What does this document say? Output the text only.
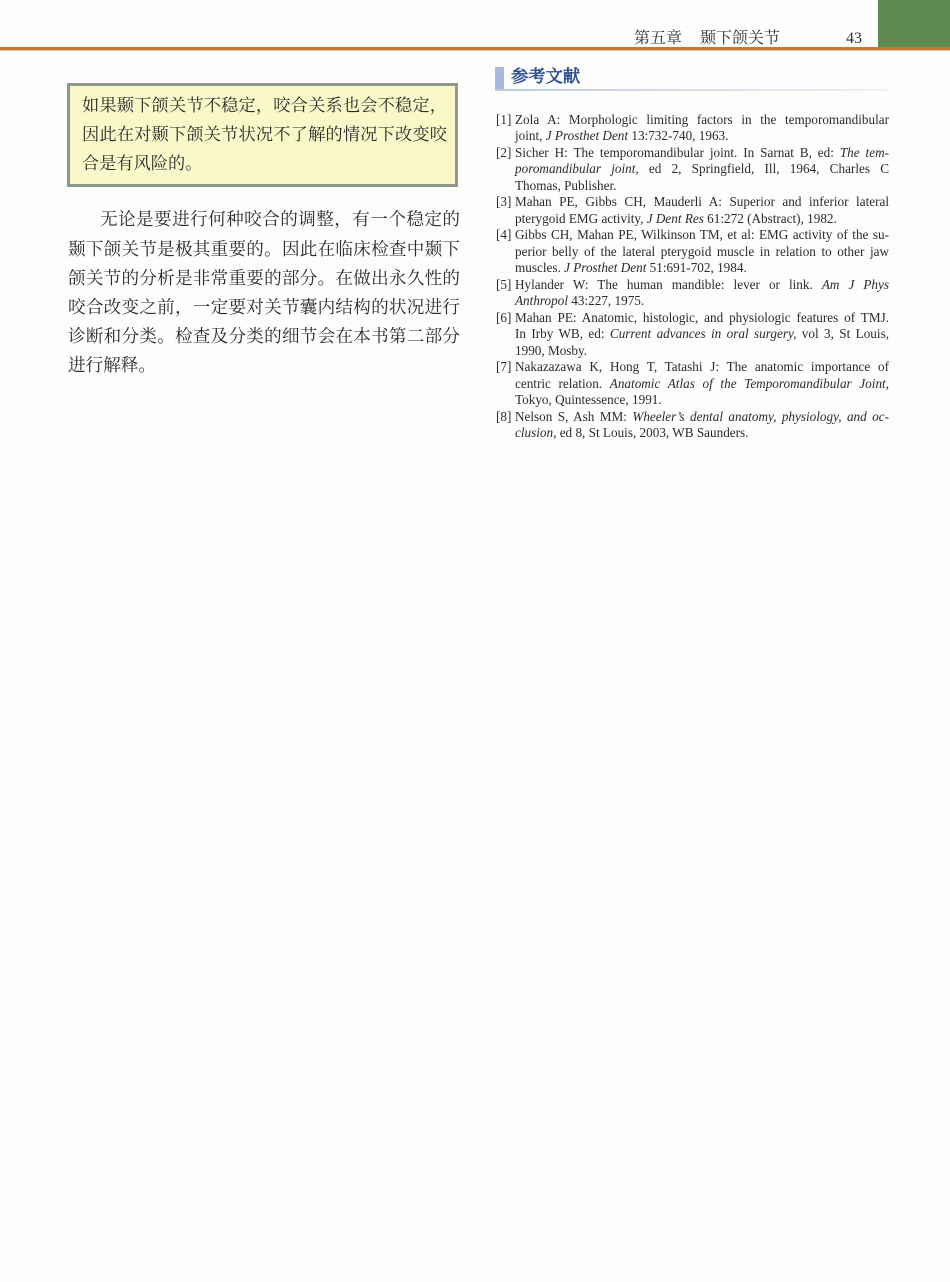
第五章 颞下颌关节	43
如果颞下颌关节不稳定，咬合关系也会不稳定，
因此在对颞下颌关节状况不了解的情况下改变咬
合是有风险的。
无论是要进行何种咬合的调整，有一个稳定的
颞下颌关节是极其重要的。因此在临床检查中颞下
颌关节的分析是非常重要的部分。在做出永久性的
咬合改变之前，一定要对关节囊内结构的状况进行
诊断和分类。检查及分类的细节会在本书第二部分
进行解释。
参考文献
[1] Zola A: Morphologic limiting factors in the temporomandibular
joint, J Prosthet Dent 13:732-740, 1963.
[2] Sicher H: The temporomandibular joint. In Sarnat B, ed: The tem-
poromandibular joint, ed 2, Springfield, Ill, 1964, Charles C
Thomas, Publisher.
[3] Mahan PE, Gibbs CH, Mauderli A: Superior and inferior lateral
pterygoid EMG activity, J Dent Res 61:272 (Abstract), 1982.
[4] Gibbs CH, Mahan PE, Wilkinson TM, et al: EMG activity of the su-
perior belly of the lateral pterygoid muscle in relation to other jaw
muscles. J Prosthet Dent 51:691-702, 1984.
[5] Hylander W: The human mandible: lever or link. Am J Phys
Anthropol 43:227, 1975.
[6] Mahan PE: Anatomic, histologic, and physiologic features of TMJ.
In Irby WB, ed: Current advances in oral surgery, vol 3, St Louis,
1990, Mosby.
[7] Nakazazawa K, Hong T, Tatashi J: The anatomic importance of
centric relation. Anatomic Atlas of the Temporomandibular Joint,
Tokyo, Quintessence, 1991.
[8] Nelson S, Ash MM: Wheeler’s dental anatomy, physiology, and oc-
clusion, ed 8, St Louis, 2003, WB Saunders.
